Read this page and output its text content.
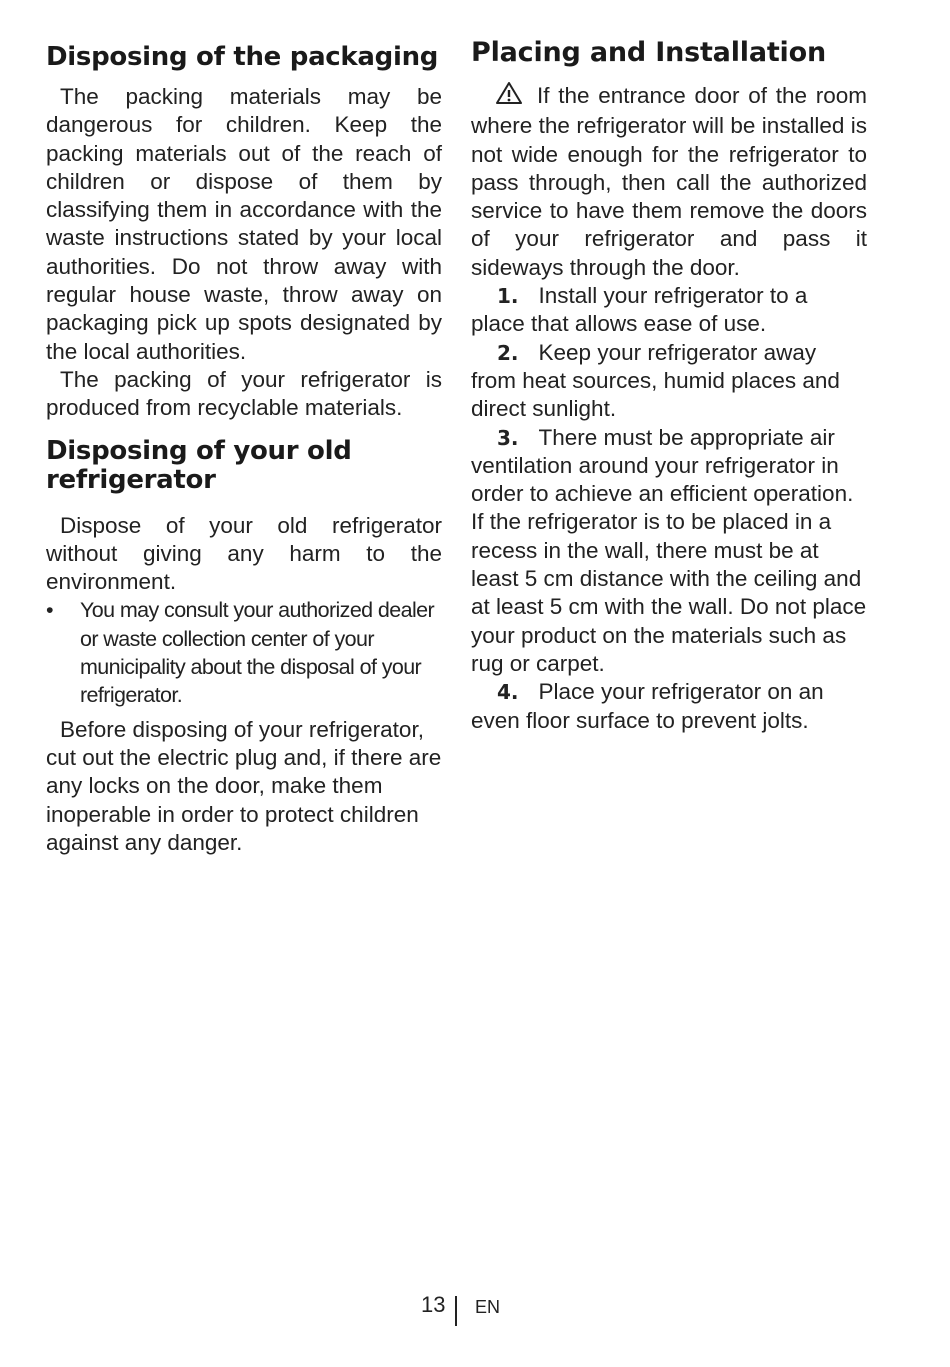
Disposing of the packaging

The packing materials may be dangerous for children. Keep the packing materials out of the reach of children or dispose of them by classifying them in accordance with the waste instructions stated by your local authorities. Do not throw away with regular house waste, throw away on packaging pick up spots designated by the local authorities.

The packing of your refrigerator is produced from recyclable materials.

Disposing of your old refrigerator

Dispose of your old refrigerator without giving any harm to the environment.

• You may consult your authorized dealer or waste collection center of your municipality about the disposal of your refrigerator.

Before disposing of your refrigerator, cut out the electric plug and, if there are any locks on the door, make them inoperable in order to protect children against any danger.

Placing and Installation

If the entrance door of the room where the refrigerator will be installed is not wide enough for the refrigerator to pass through, then call the authorized service to have them remove the doors of your refrigerator and pass it sideways through the door.

1. Install your refrigerator to a place that allows ease of use.

2. Keep your refrigerator away from heat sources, humid places and direct sunlight.

3. There must be appropriate air ventilation around your refrigerator in order to achieve an efficient operation. If the refrigerator is to be placed in a recess in the wall, there must be at least 5 cm distance with the ceiling and at least 5 cm with the wall. Do not place your product on the materials such as rug or carpet.

4. Place your refrigerator on an even floor surface to prevent jolts.

13 EN
